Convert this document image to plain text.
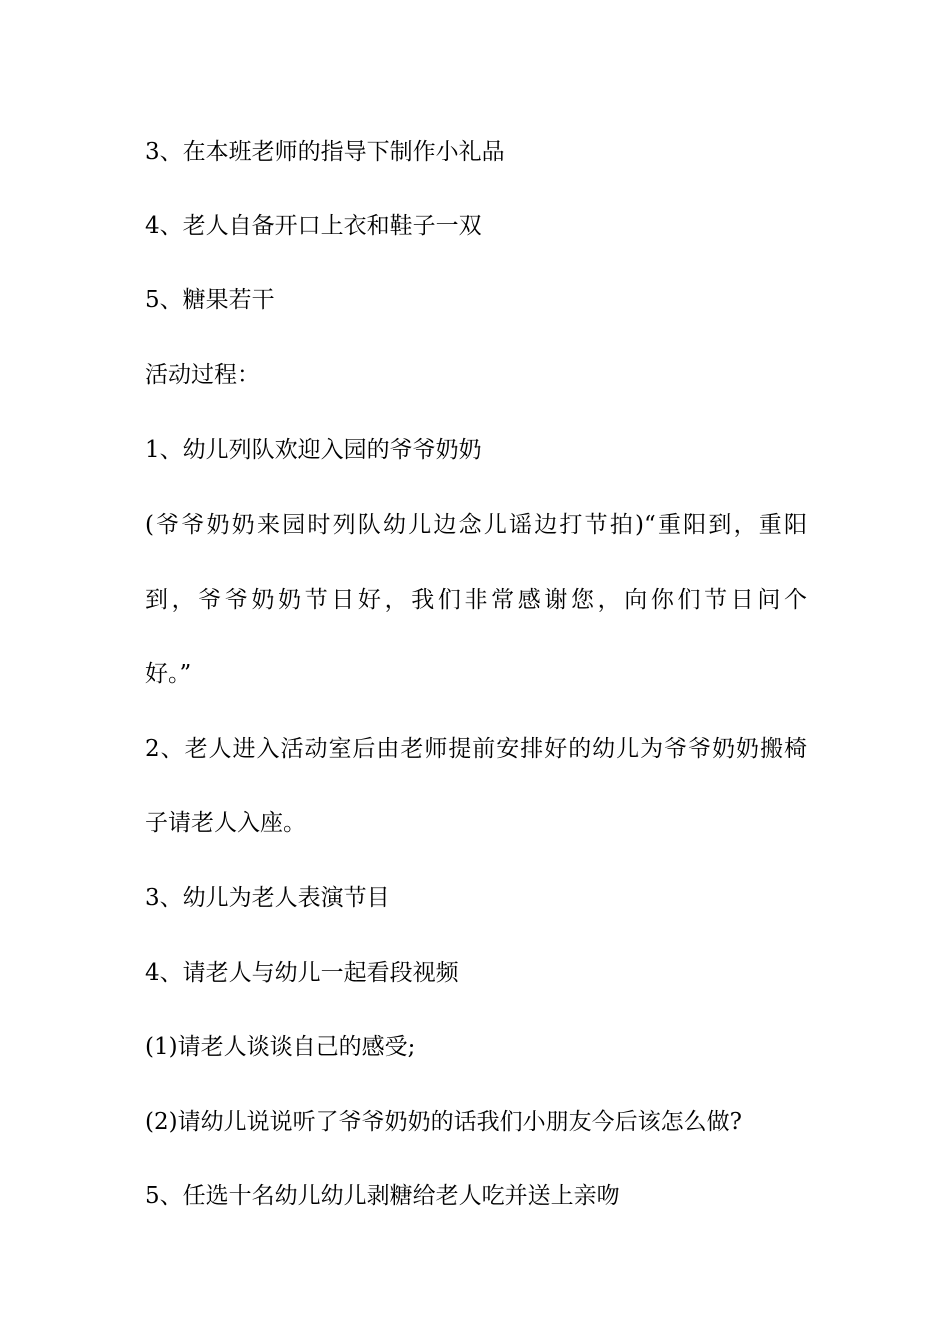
3、在本班老师的指导下制作小礼品
4、老人自备开口上衣和鞋子一双
5、糖果若干
活动过程：
1、幼儿列队欢迎入园的爷爷奶奶
(爷爷奶奶来园时列队幼儿边念儿谣边打节拍)“重阳到，重阳
到，爷爷奶奶节日好，我们非常感谢您，向你们节日问个
好。”
2、老人进入活动室后由老师提前安排好的幼儿为爷爷奶奶搬椅
子请老人入座。
3、幼儿为老人表演节目
4、请老人与幼儿一起看段视频
(1)请老人谈谈自己的感受;
(2)请幼儿说说听了爷爷奶奶的话我们小朋友今后该怎么做?
5、任选十名幼儿幼儿剥糖给老人吃并送上亲吻
